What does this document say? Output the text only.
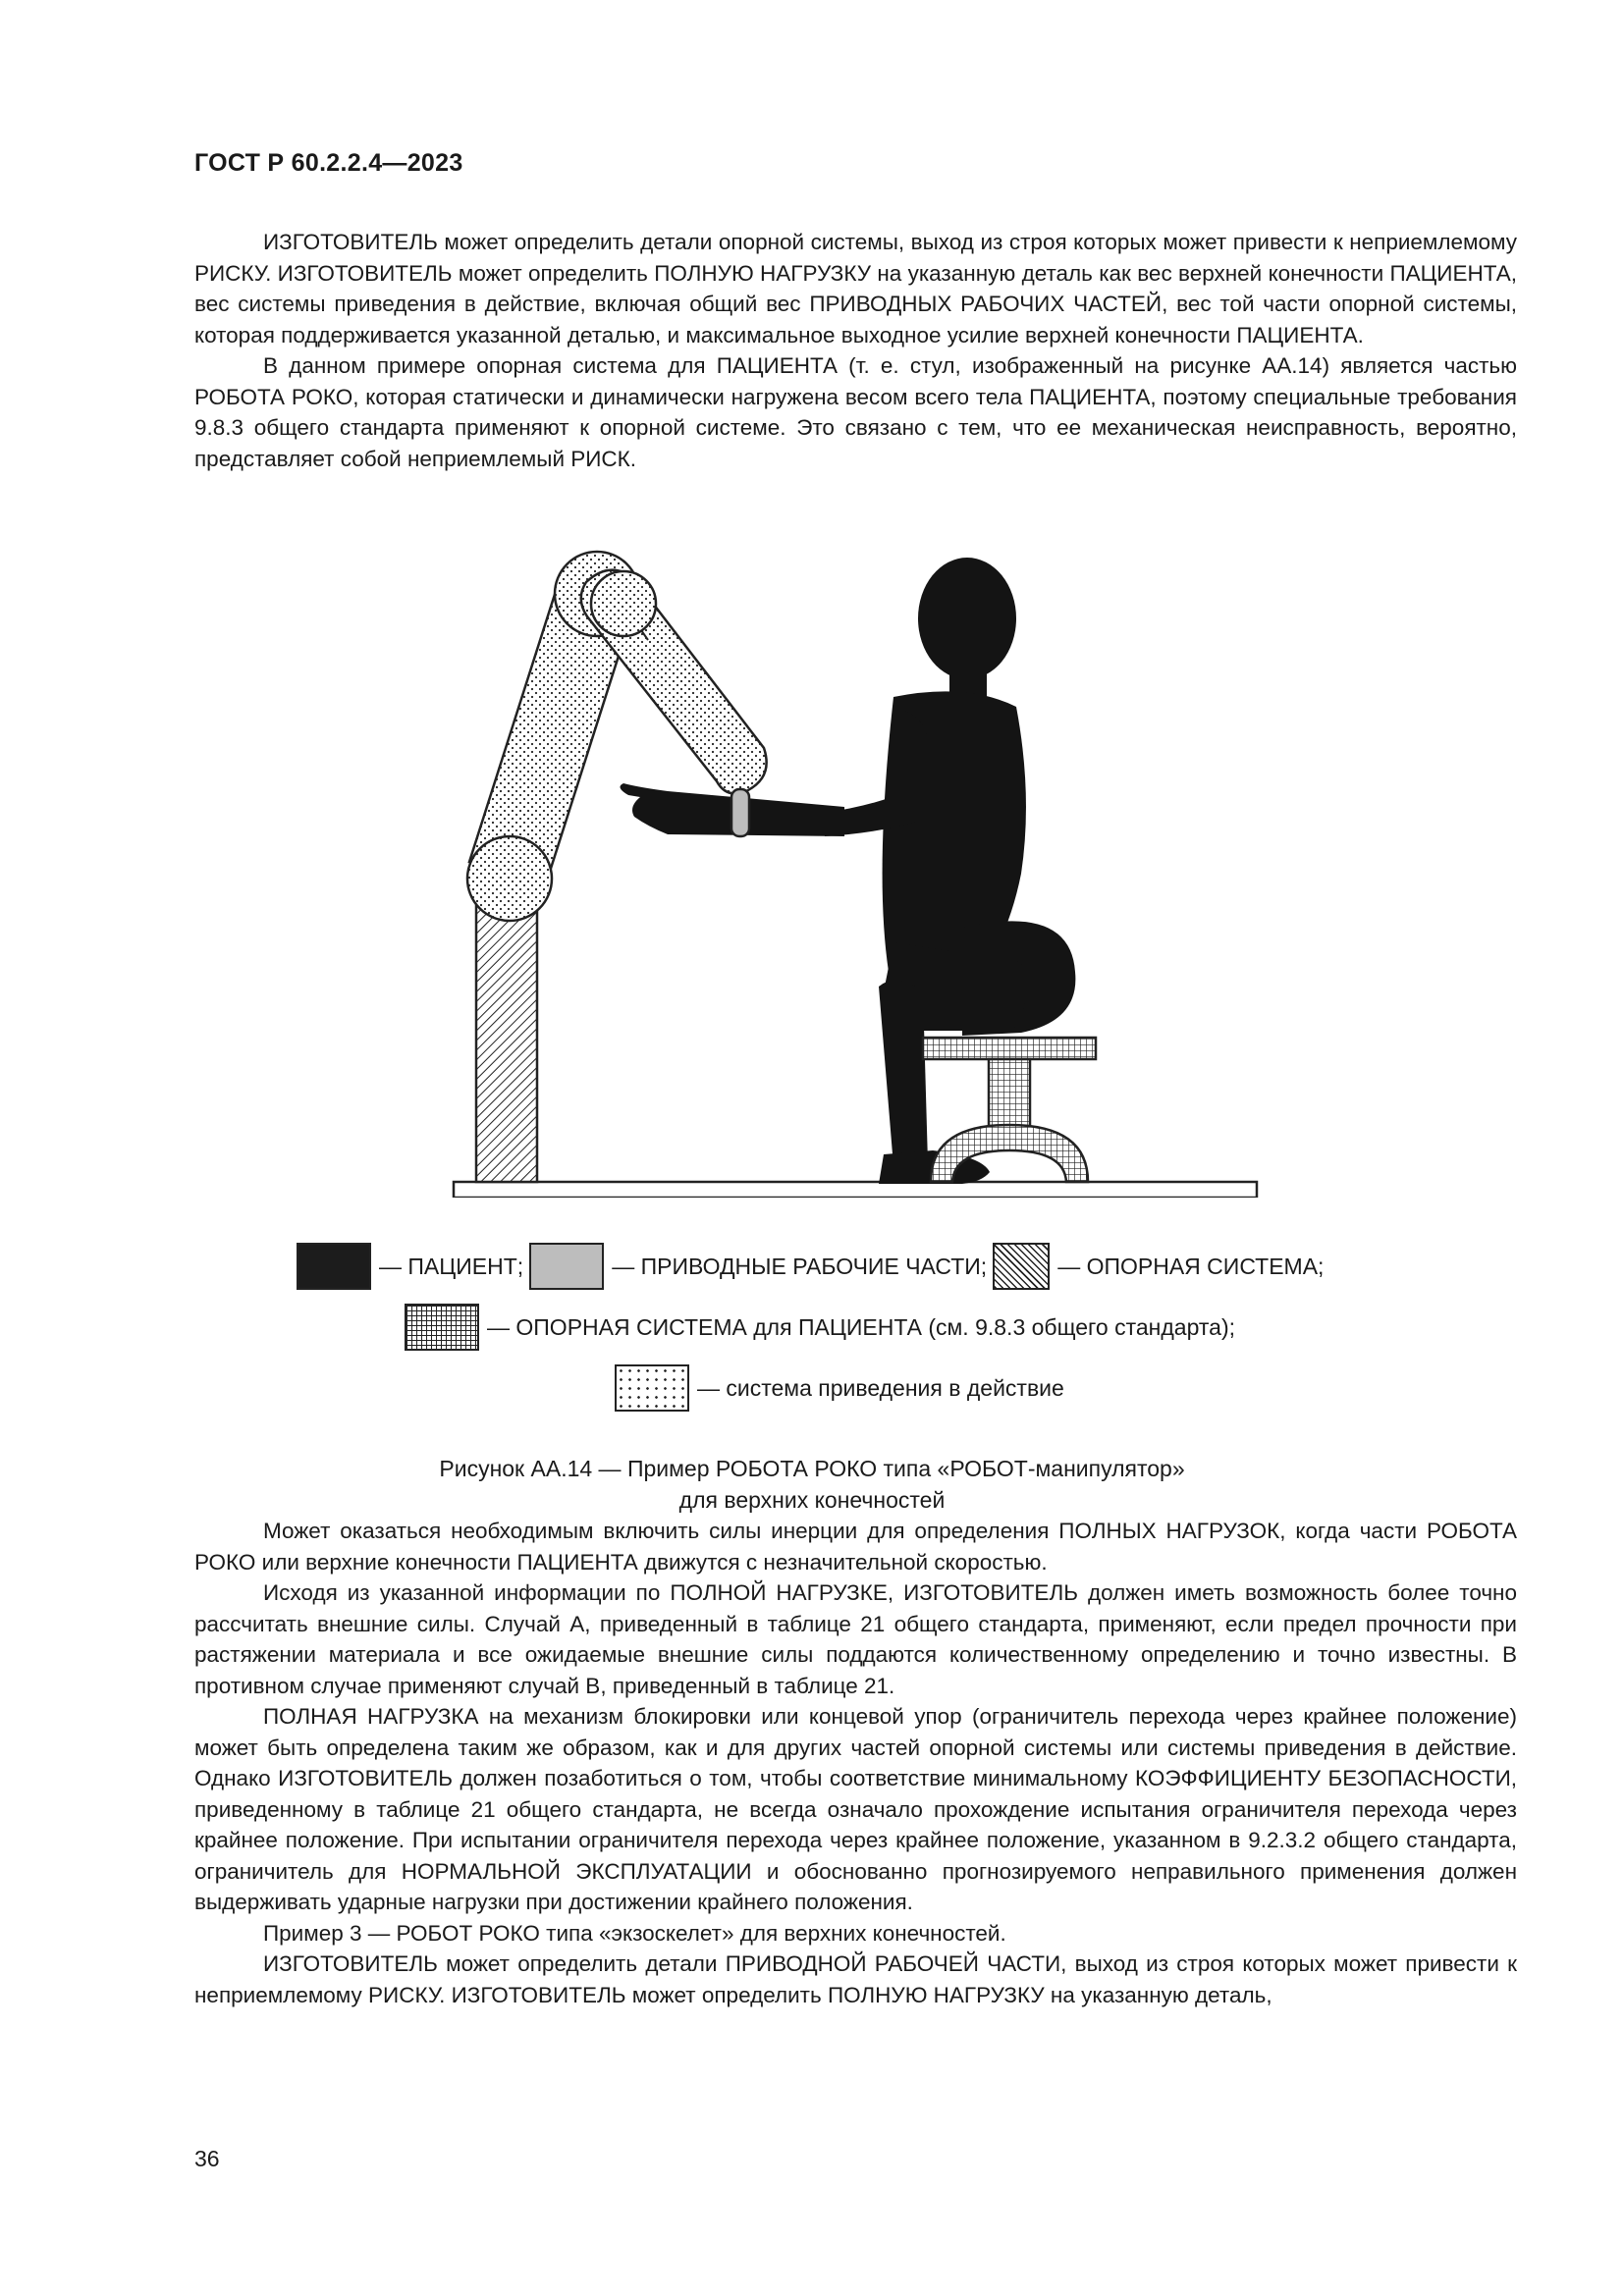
ГОСТ Р 60.2.2.4—2023

ИЗГОТОВИТЕЛЬ может определить детали опорной системы, выход из строя которых может привести к неприемлемому РИСКУ. ИЗГОТОВИТЕЛЬ может определить ПОЛНУЮ НАГРУЗКУ на указанную деталь как вес верхней конечности ПАЦИЕНТА, вес системы приведения в действие, включая общий вес ПРИВОДНЫХ РАБОЧИХ ЧАСТЕЙ, вес той части опорной системы, которая поддерживается указанной деталью, и максимальное выходное усилие верхней конечности ПАЦИЕНТА.

В данном примере опорная система для ПАЦИЕНТА (т. е. стул, изображенный на рисунке АА.14) является частью РОБОТА РОКО, которая статически и динамически нагружена весом всего тела ПАЦИЕНТА, поэтому специальные требования 9.8.3 общего стандарта применяют к опорной системе. Это связано с тем, что ее механическая неисправность, вероятно, представляет собой неприемлемый РИСК.

— ПАЦИЕНТ;	— ПРИВОДНЫЕ РАБОЧИЕ ЧАСТИ;	— ОПОРНАЯ СИСТЕМА;
— ОПОРНАЯ СИСТЕМА для ПАЦИЕНТА (см. 9.8.3 общего стандарта);
— система приведения в действие
Рисунок АА.14 — Пример РОБОТА РОКО типа «РОБОТ-манипулятор»
для верхних конечностей

Может оказаться необходимым включить силы инерции для определения ПОЛНЫХ НАГРУЗОК, когда части РОБОТА РОКО или верхние конечности ПАЦИЕНТА движутся с незначительной скоростью.

Исходя из указанной информации по ПОЛНОЙ НАГРУЗКЕ, ИЗГОТОВИТЕЛЬ должен иметь возможность более точно рассчитать внешние силы. Случай А, приведенный в таблице 21 общего стандарта, применяют, если предел прочности при растяжении материала и все ожидаемые внешние силы поддаются количественному определению и точно известны. В противном случае применяют случай В, приведенный в таблице 21.

ПОЛНАЯ НАГРУЗКА на механизм блокировки или концевой упор (ограничитель перехода через крайнее положение) может быть определена таким же образом, как и для других частей опорной системы или системы приведения в действие. Однако ИЗГОТОВИТЕЛЬ должен позаботиться о том, чтобы соответствие минимальному КОЭФФИЦИЕНТУ БЕЗОПАСНОСТИ, приведенному в таблице 21 общего стандарта, не всегда означало прохождение испытания ограничителя перехода через крайнее положение. При испытании ограничителя перехода через крайнее положение, указанном в 9.2.3.2 общего стандарта, ограничитель для НОРМАЛЬНОЙ ЭКСПЛУАТАЦИИ и обоснованно прогнозируемого неправильного применения должен выдерживать ударные нагрузки при достижении крайнего положения.

Пример 3 — РОБОТ РОКО типа «экзоскелет» для верхних конечностей.

ИЗГОТОВИТЕЛЬ может определить детали ПРИВОДНОЙ РАБОЧЕЙ ЧАСТИ, выход из строя которых может привести к неприемлемому РИСКУ. ИЗГОТОВИТЕЛЬ может определить ПОЛНУЮ НАГРУЗКУ на указанную деталь,

36
